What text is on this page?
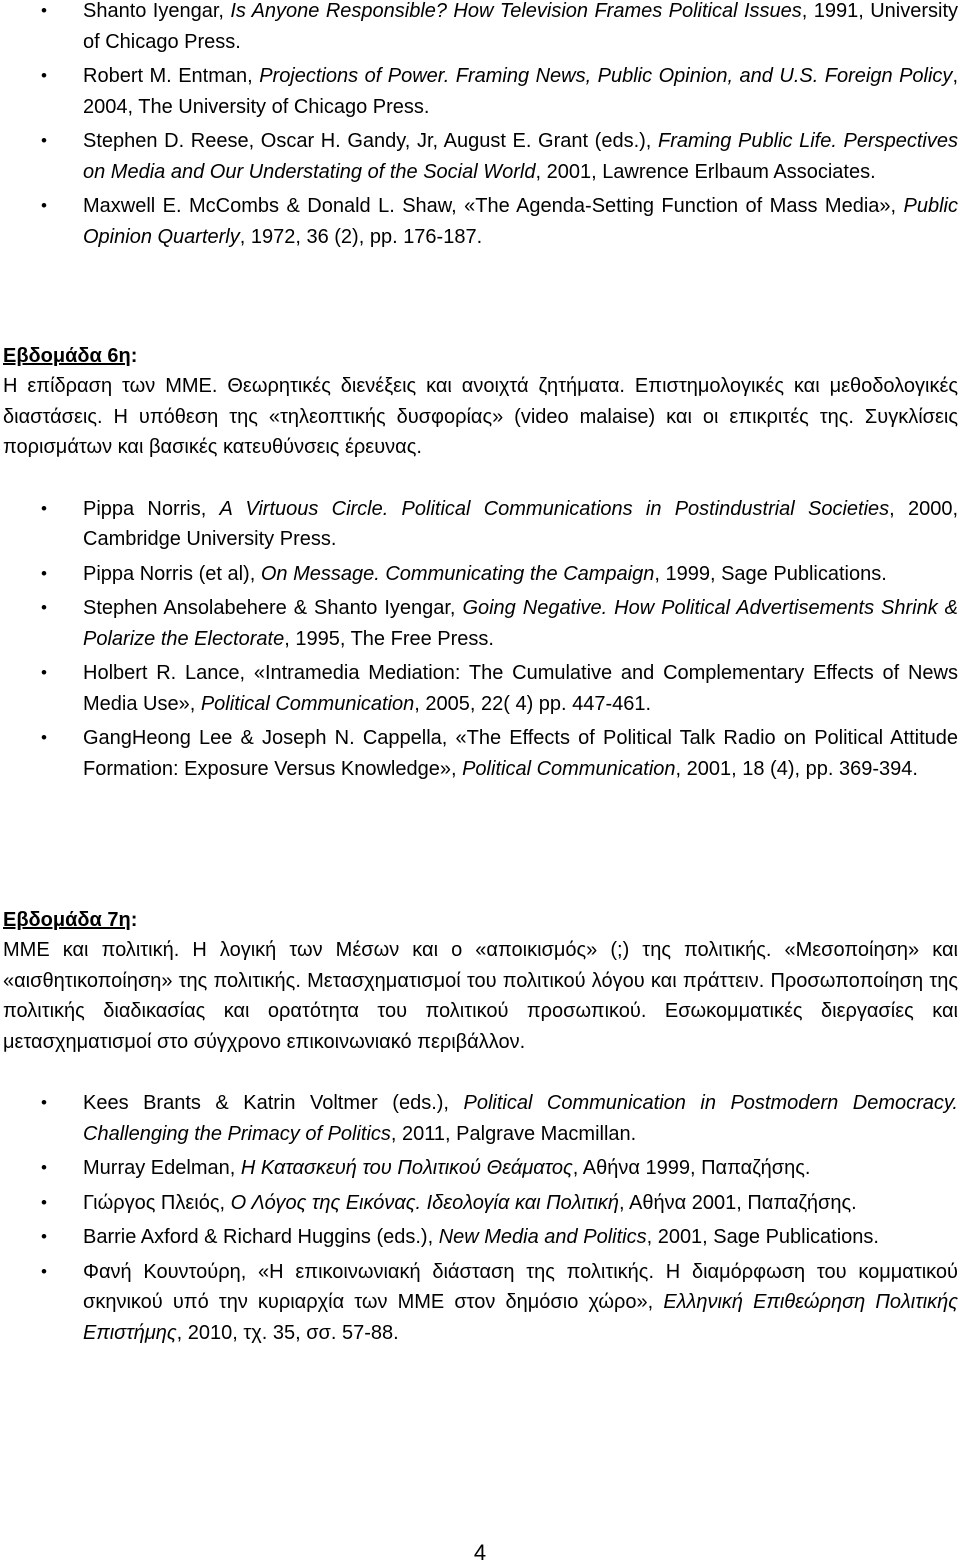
• Shanto Iyengar, Is Anyone Responsible? How Television Frames Political Issues, 1991, University of Chicago Press.
• Robert M. Entman, Projections of Power. Framing News, Public Opinion, and U.S. Foreign Policy, 2004, The University of Chicago Press.
• Stephen D. Reese, Oscar H. Gandy, Jr, August E. Grant (eds.), Framing Public Life. Perspectives on Media and Our Understating of the Social World, 2001, Lawrence Erlbaum Associates.
• Maxwell E. McCombs & Donald L. Shaw, «The Agenda-Setting Function of Mass Media», Public Opinion Quarterly, 1972, 36 (2), pp. 176-187.
Εβδομάδα 6η:
Η επίδραση των ΜΜΕ. Θεωρητικές διενέξεις και ανοιχτά ζητήματα. Επιστημολογικές και μεθοδολογικές διαστάσεις. Η υπόθεση της «τηλεοπτικής δυσφορίας» (video malaise) και οι επικριτές της. Συγκλίσεις πορισμάτων και βασικές κατευθύνσεις έρευνας.
• Pippa Norris, A Virtuous Circle. Political Communications in Postindustrial Societies, 2000, Cambridge University Press.
• Pippa Norris (et al), On Message. Communicating the Campaign, 1999, Sage Publications.
• Stephen Ansolabehere & Shanto Iyengar, Going Negative. How Political Advertisements Shrink & Polarize the Electorate, 1995, The Free Press.
• Holbert R. Lance, «Intramedia Mediation: The Cumulative and Complementary Effects of News Media Use», Political Communication, 2005, 22( 4) pp. 447-461.
• GangHeong Lee & Joseph N. Cappella, «The Effects of Political Talk Radio on Political Attitude Formation: Exposure Versus Knowledge», Political Communication, 2001, 18 (4), pp. 369-394.
Εβδομάδα 7η:
ΜΜΕ και πολιτική. Η λογική των Μέσων και ο «αποικισμός» (;) της πολιτικής. «Μεσοποίηση» και «αισθητικοποίηση» της πολιτικής. Μετασχηματισμοί του πολιτικού λόγου και πράττειν. Προσωποποίηση της πολιτικής διαδικασίας και ορατότητα του πολιτικού προσωπικού. Εσωκομματικές διεργασίες και μετασχηματισμοί στο σύγχρονο επικοινωνιακό περιβάλλον.
• Kees Brants & Katrin Voltmer (eds.), Political Communication in Postmodern Democracy. Challenging the Primacy of Politics, 2011, Palgrave Macmillan.
• Murray Edelman, Η Κατασκευή του Πολιτικού Θεάματος, Αθήνα 1999, Παπαζήσης.
• Γιώργος Πλειός, Ο Λόγος της Εικόνας. Ιδεολογία και Πολιτική, Αθήνα 2001, Παπαζήσης.
• Barrie Axford & Richard Huggins (eds.), New Media and Politics, 2001, Sage Publications.
• Φανή Κουντούρη, «Η επικοινωνιακή διάσταση της πολιτικής. Η διαμόρφωση του κομματικού σκηνικού υπό την κυριαρχία των ΜΜΕ στον δημόσιο χώρο», Ελληνική Επιθεώρηση Πολιτικής Επιστήμης, 2010, τχ. 35, σσ. 57-88.
4
